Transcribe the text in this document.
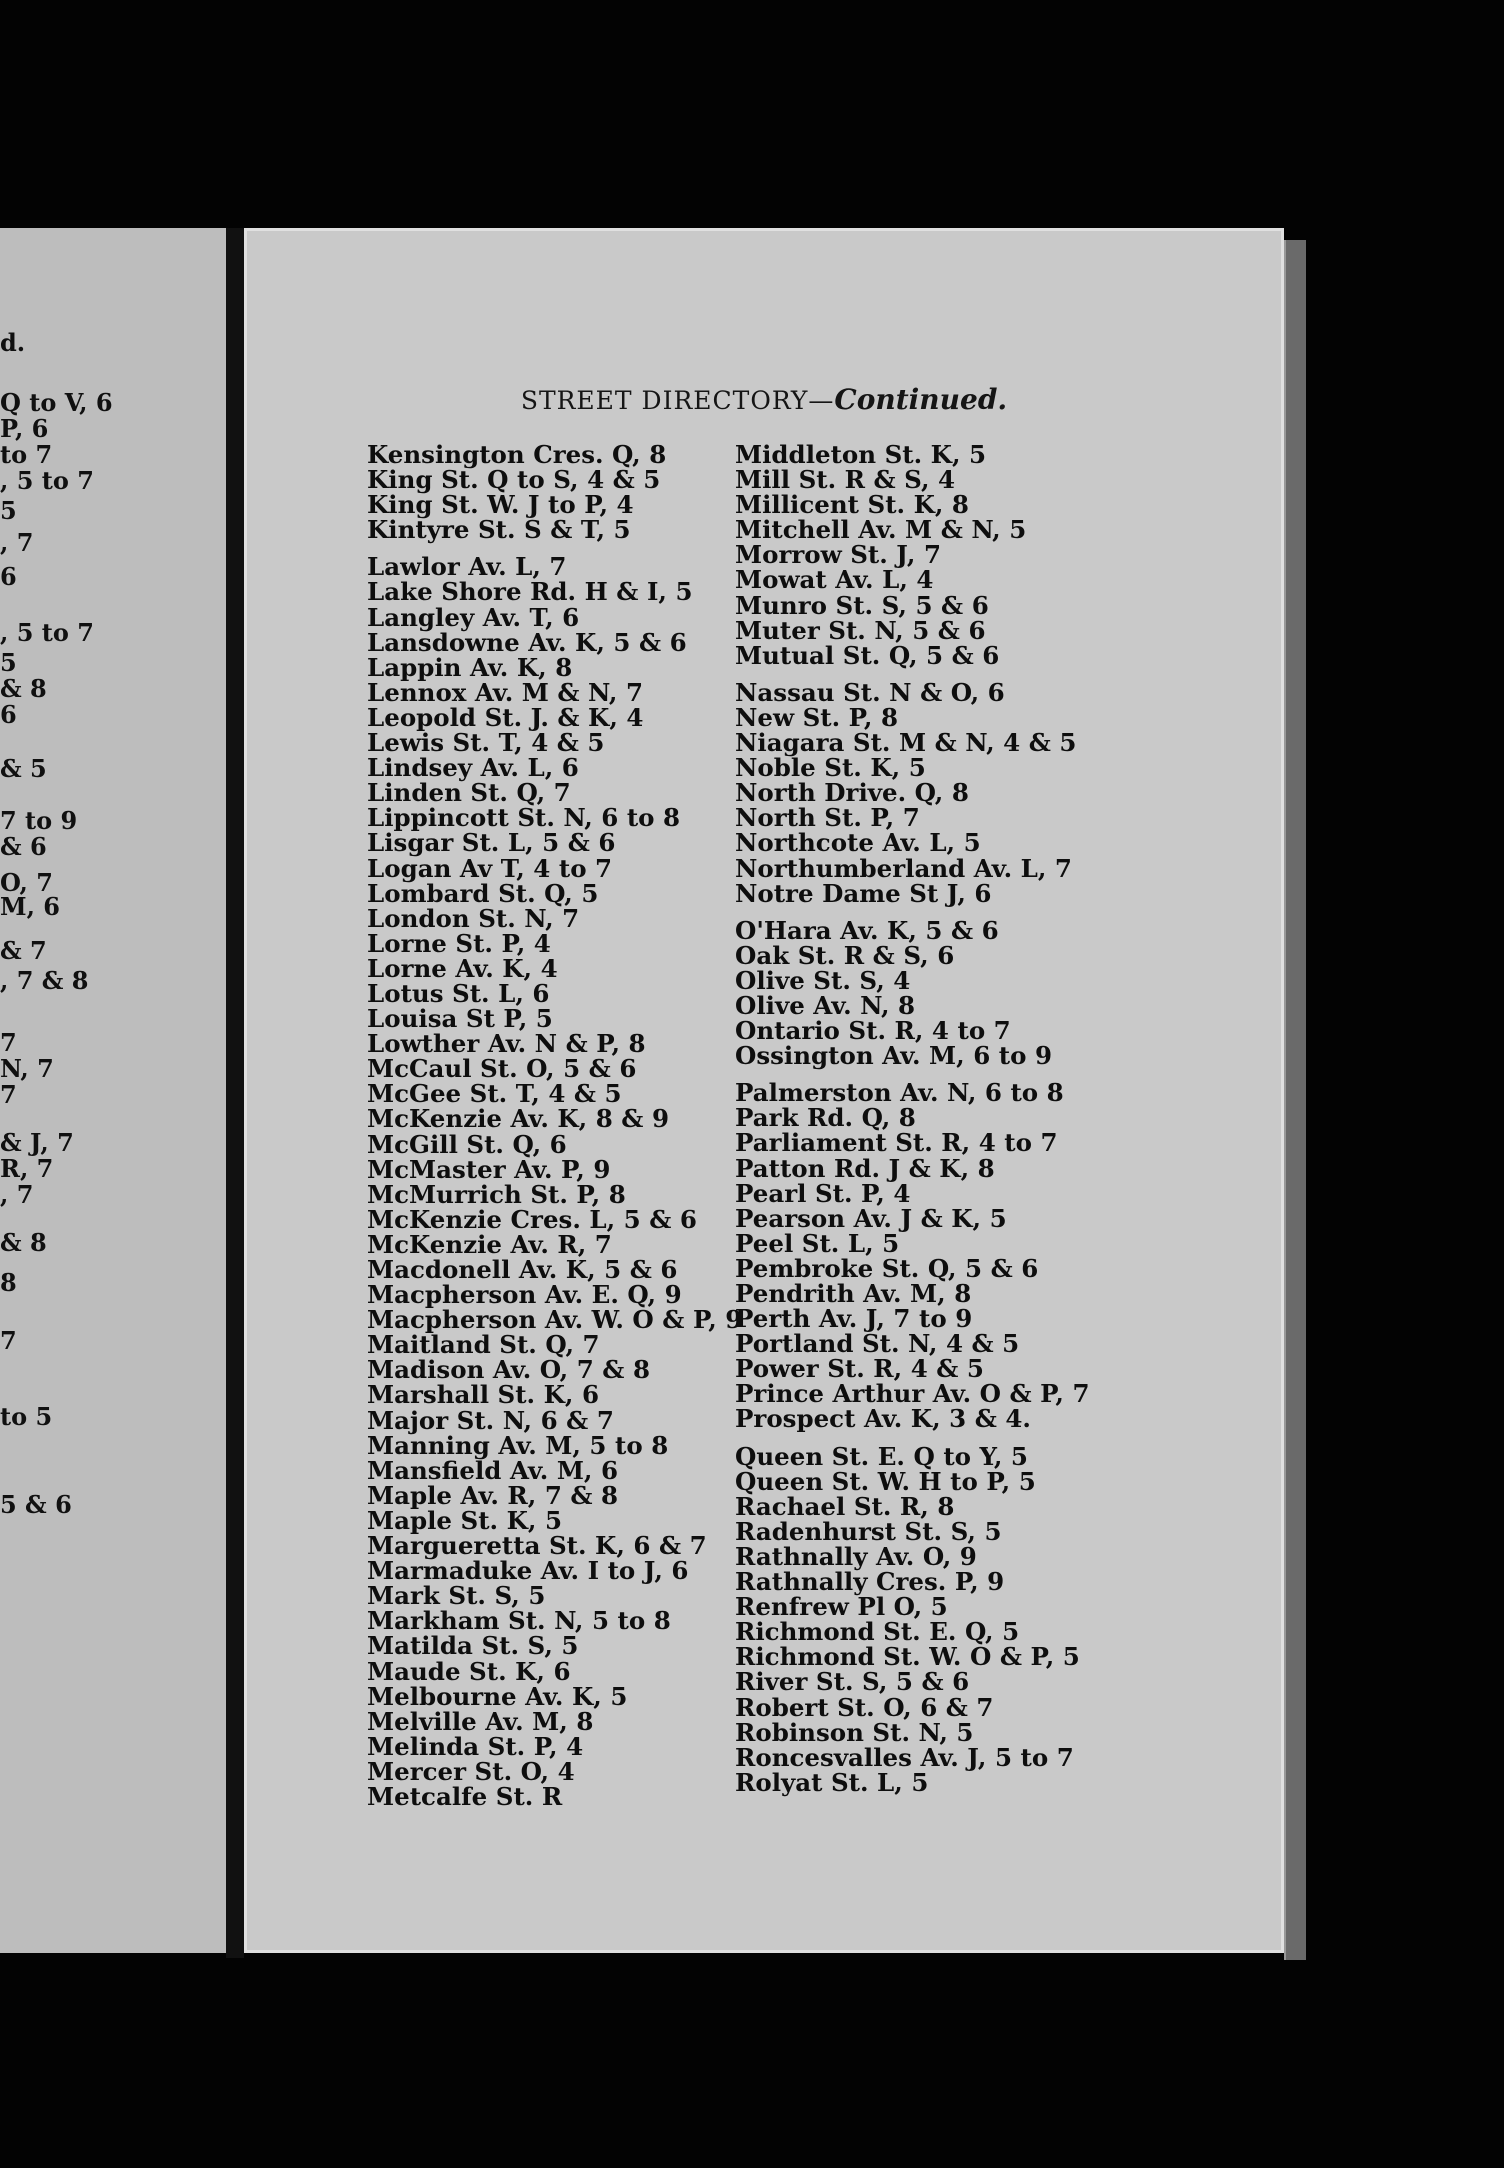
d.
Q to V, 6
P, 6
to 7
, 5 to 7
5
, 7
6
, 5 to 7
5
& 8
6
& 5
7 to 9
& 6
O, 7
M, 6
& 7
, 7 & 8
7
N, 7
7
& J, 7
R, 7
, 7
& 8
8
7
to 5
5 & 6
STREET DIRECTORY—Continued.
Kensington Cres. Q, 8
King St. Q to S, 4 & 5
King St. W. J to P, 4
Kintyre St. S & T, 5
Lawlor Av. L, 7
Lake Shore Rd. H & I, 5
Langley Av. T, 6
Lansdowne Av. K, 5 & 6
Lappin Av. K, 8
Lennox Av. M & N, 7
Leopold St. J. & K, 4
Lewis St. T, 4 & 5
Lindsey Av. L, 6
Linden St. Q, 7
Lippincott St. N, 6 to 8
Lisgar St. L, 5 & 6
Logan Av T, 4 to 7
Lombard St. Q, 5
London St. N, 7
Lorne St. P, 4
Lorne Av. K, 4
Lotus St. L, 6
Louisa St P, 5
Lowther Av. N & P, 8
McCaul St. O, 5 & 6
McGee St. T, 4 & 5
McKenzie Av. K, 8 & 9
McGill St. Q, 6
McMaster Av. P, 9
McMurrich St. P, 8
McKenzie Cres. L, 5 & 6
McKenzie Av. R, 7
Macdonell Av. K, 5 & 6
Macpherson Av. E. Q, 9
Macpherson Av. W. O & P, 9
Maitland St. Q, 7
Madison Av. O, 7 & 8
Marshall St. K, 6
Major St. N, 6 & 7
Manning Av. M, 5 to 8
Mansfield Av. M, 6
Maple Av. R, 7 & 8
Maple St. K, 5
Margueretta St. K, 6 & 7
Marmaduke Av. I to J, 6
Mark St. S, 5
Markham St. N, 5 to 8
Matilda St. S, 5
Maude St. K, 6
Melbourne Av. K, 5
Melville Av. M, 8
Melinda St. P, 4
Mercer St. O, 4
Metcalfe St. R
Middleton St. K, 5
Mill St. R & S, 4
Millicent St. K, 8
Mitchell Av. M & N, 5
Morrow St. J, 7
Mowat Av. L, 4
Munro St. S, 5 & 6
Muter St. N, 5 & 6
Mutual St. Q, 5 & 6
Nassau St. N & O, 6
New St. P, 8
Niagara St. M & N, 4 & 5
Noble St. K, 5
North Drive. Q, 8
North St. P, 7
Northcote Av. L, 5
Northumberland Av. L, 7
Notre Dame St J, 6
O'Hara Av. K, 5 & 6
Oak St. R & S, 6
Olive St. S, 4
Olive Av. N, 8
Ontario St. R, 4 to 7
Ossington Av. M, 6 to 9
Palmerston Av. N, 6 to 8
Park Rd. Q, 8
Parliament St. R, 4 to 7
Patton Rd. J & K, 8
Pearl St. P, 4
Pearson Av. J & K, 5
Peel St. L, 5
Pembroke St. Q, 5 & 6
Pendrith Av. M, 8
Perth Av. J, 7 to 9
Portland St. N, 4 & 5
Power St. R, 4 & 5
Prince Arthur Av. O & P, 7
Prospect Av. K, 3 & 4.
Queen St. E. Q to Y, 5
Queen St. W. H to P, 5
Rachael St. R, 8
Radenhurst St. S, 5
Rathnally Av. O, 9
Rathnally Cres. P, 9
Renfrew Pl O, 5
Richmond St. E. Q, 5
Richmond St. W. O & P, 5
River St. S, 5 & 6
Robert St. O, 6 & 7
Robinson St. N, 5
Roncesvalles Av. J, 5 to 7
Rolyat St. L, 5
